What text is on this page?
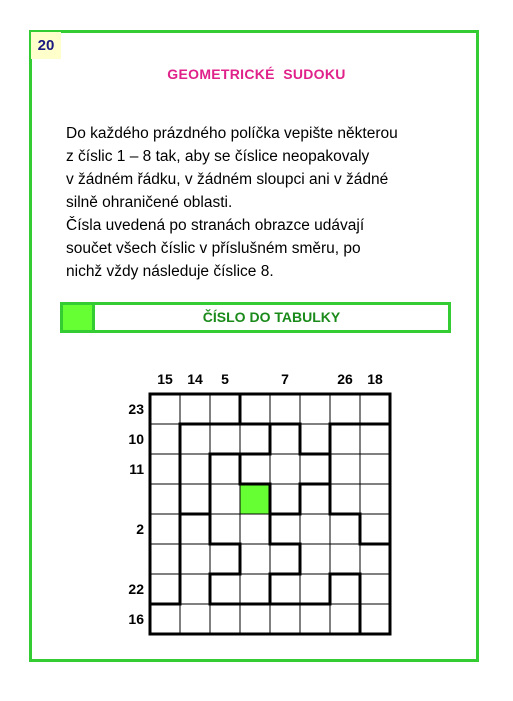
20
GEOMETRICKÉ  SUDOKU

Do každého prázdného políčka vepište některou

z číslic 1 – 8 tak, aby se číslice neopakovaly

v žádném řádku, v žádném sloupci ani v žádné

silně ohraničené oblasti.

Čísla uvedená po stranách obrazce udávají

součet všech číslic v příslušném směru, po

nichž vždy následuje číslice 8.

ČÍSLO DO TABULKY
15 14 5	7	26 18
23
10
11
2
22
16
